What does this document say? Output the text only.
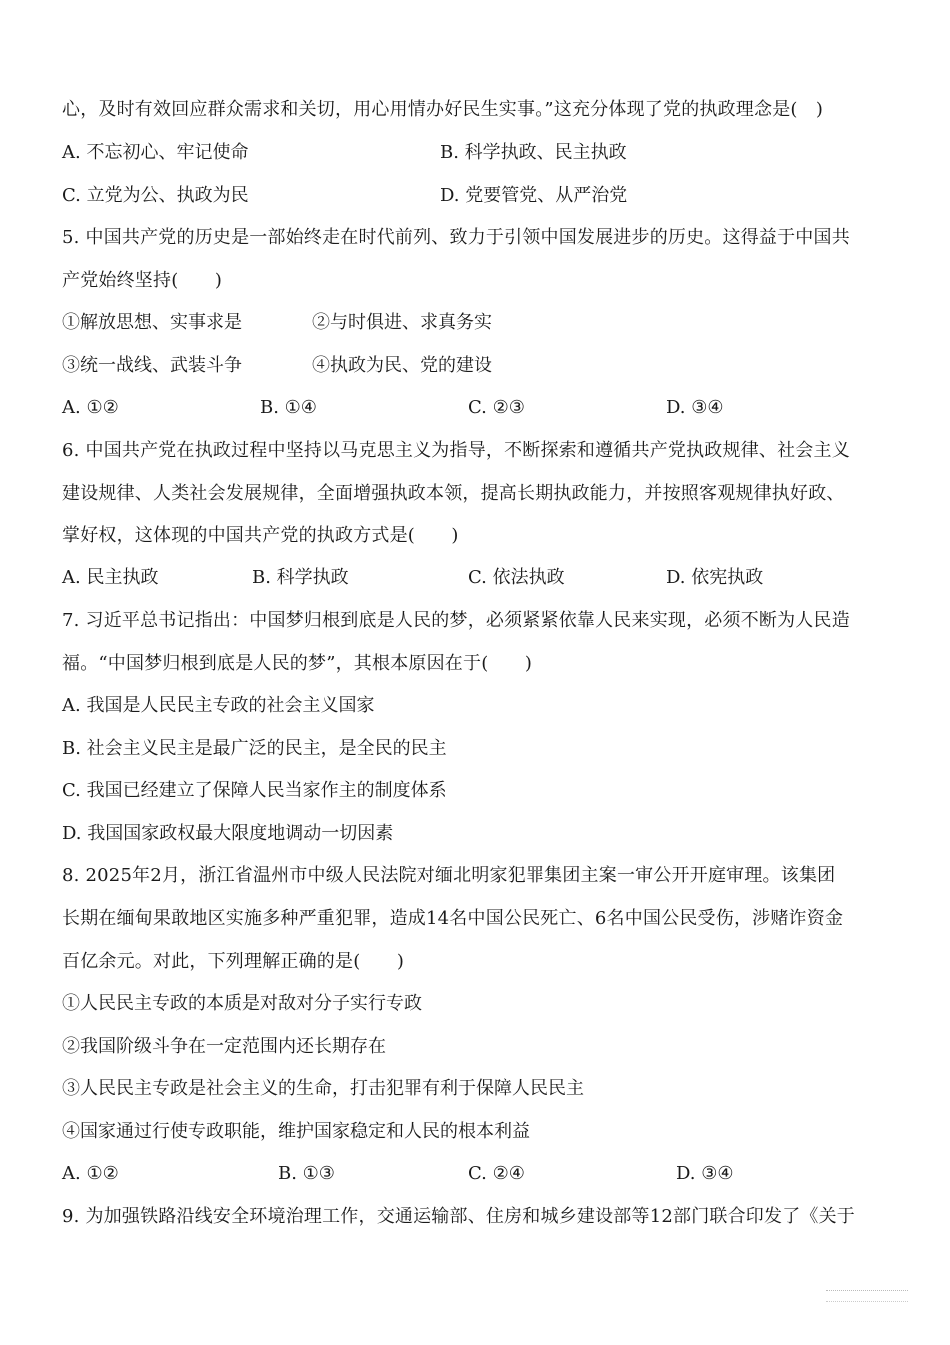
心，及时有效回应群众需求和关切，用心用情办好民生实事。”这充分体现了党的执政理念是(　)
A. 不忘初心、牢记使命	B. 科学执政、民主执政
C. 立党为公、执政为民	D. 党要管党、从严治党
5. 中国共产党的历史是一部始终走在时代前列、致力于引领中国发展进步的历史。这得益于中国共
产党始终坚持(　　)
①解放思想、实事求是	②与时俱进、求真务实
③统一战线、武装斗争	④执政为民、党的建设
A. ①②	B. ①④	C. ②③	D. ③④
6. 中国共产党在执政过程中坚持以马克思主义为指导，不断探索和遵循共产党执政规律、社会主义
建设规律、人类社会发展规律，全面增强执政本领，提高长期执政能力，并按照客观规律执好政、
掌好权，这体现的中国共产党的执政方式是(　　)
A. 民主执政	B. 科学执政	C. 依法执政	D. 依宪执政
7. 习近平总书记指出：中国梦归根到底是人民的梦，必须紧紧依靠人民来实现，必须不断为人民造
福。“中国梦归根到底是人民的梦”，其根本原因在于(　　)
A. 我国是人民民主专政的社会主义国家
B. 社会主义民主是最广泛的民主，是全民的民主
C. 我国已经建立了保障人民当家作主的制度体系
D. 我国国家政权最大限度地调动一切因素
8. 2025年2月，浙江省温州市中级人民法院对缅北明家犯罪集团主案一审公开开庭审理。该集团
长期在缅甸果敢地区实施多种严重犯罪，造成14名中国公民死亡、6名中国公民受伤，涉赌诈资金
百亿余元。对此，下列理解正确的是(　　)
①人民民主专政的本质是对敌对分子实行专政
②我国阶级斗争在一定范围内还长期存在
③人民民主专政是社会主义的生命，打击犯罪有利于保障人民民主
④国家通过行使专政职能，维护国家稳定和人民的根本利益
A. ①②	B. ①③	C. ②④	D. ③④
9. 为加强铁路沿线安全环境治理工作，交通运输部、住房和城乡建设部等12部门联合印发了《关于
